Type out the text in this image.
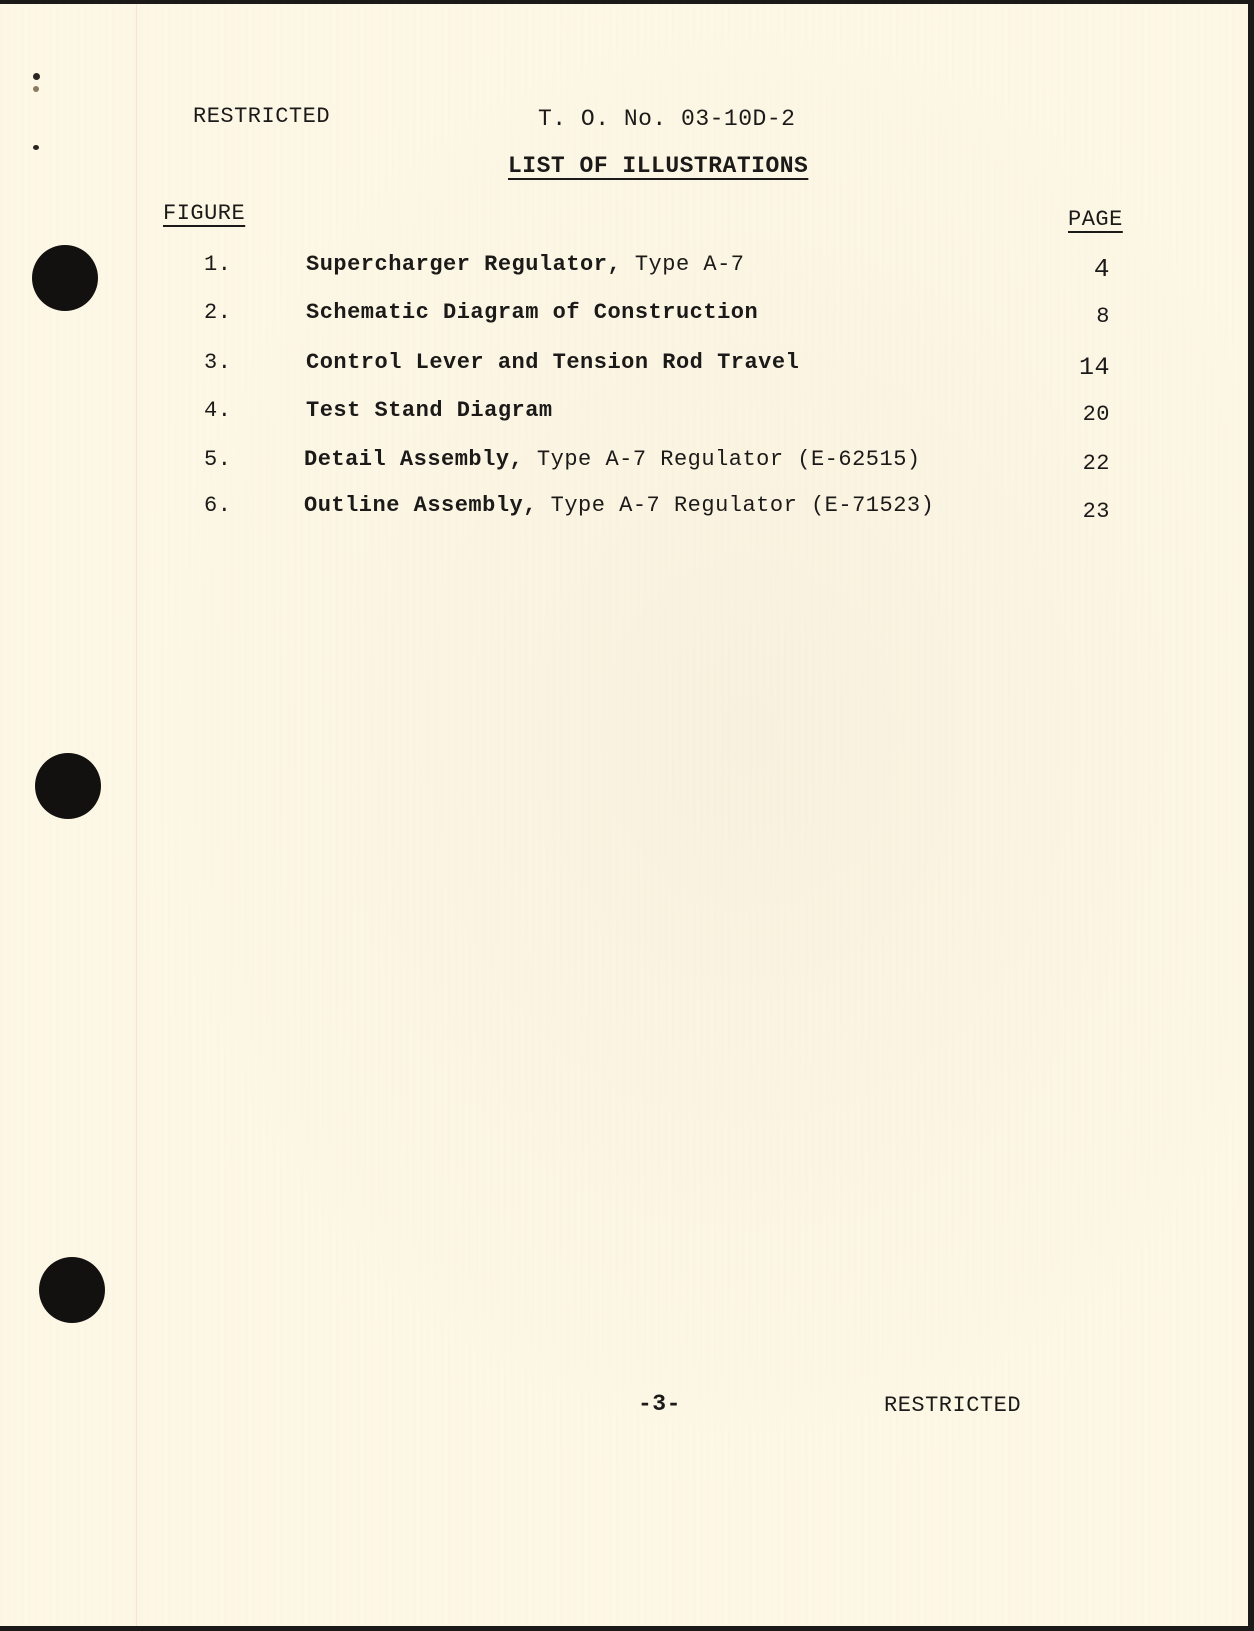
RESTRICTED	T. O. No. 03-10D-2
LIST OF ILLUSTRATIONS
FIGURE	PAGE
1.	Supercharger Regulator, Type A-7	4
2.	Schematic Diagram of Construction	8
3.	Control Lever and Tension Rod Travel	14
4.	Test Stand Diagram	20
5.	Detail Assembly, Type A-7 Regulator (E-62515)	22
6.	Outline Assembly, Type A-7 Regulator (E-71523)	23
-3-	RESTRICTED
